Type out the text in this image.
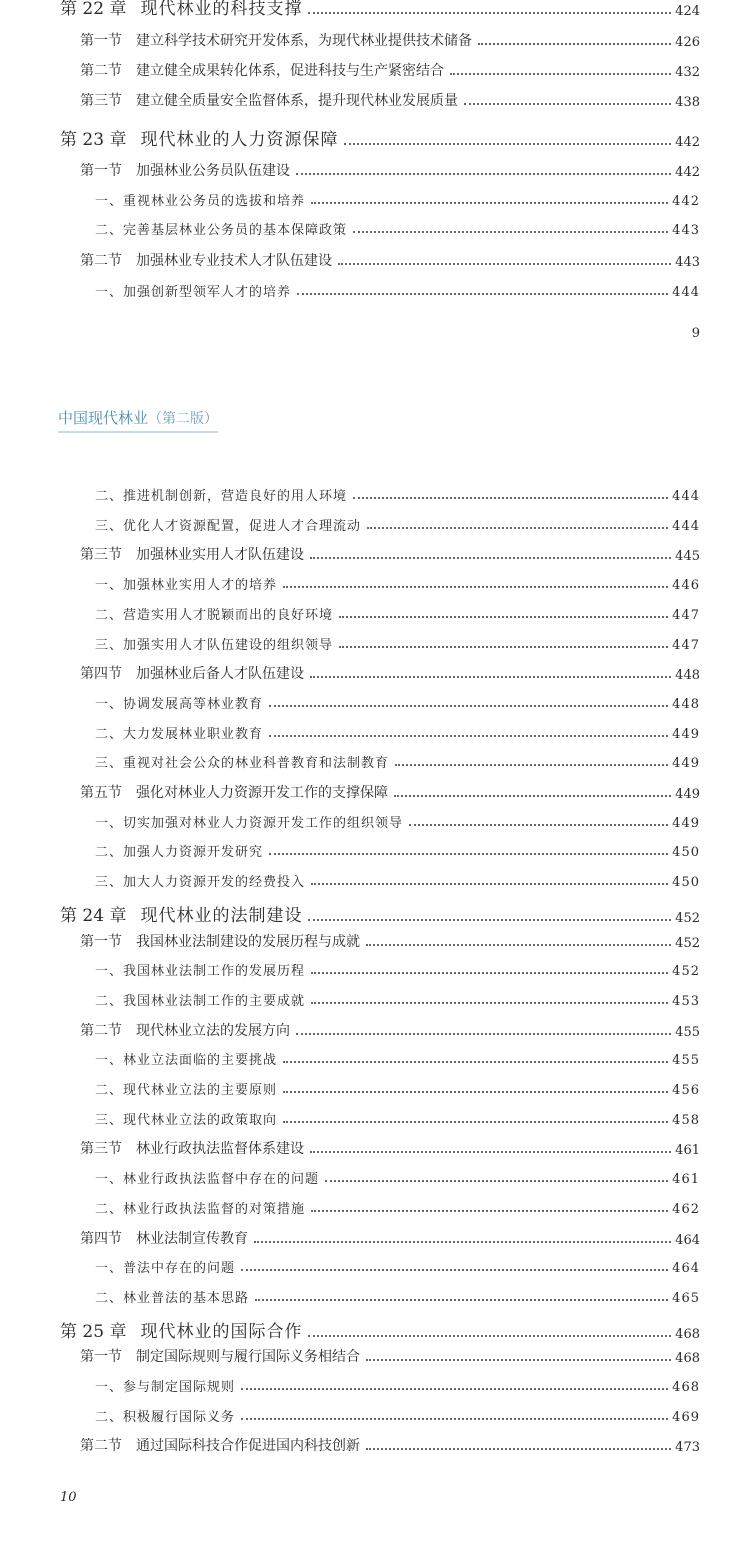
第 22 章 现代林业的科技支撑	424
第一节 建立科学技术研究开发体系，为现代林业提供技术储备	426
第二节 建立健全成果转化体系，促进科技与生产紧密结合	432
第三节 建立健全质量安全监督体系，提升现代林业发展质量	438
第 23 章 现代林业的人力资源保障	442
第一节 加强林业公务员队伍建设	442
一、重视林业公务员的选拔和培养	442
二、完善基层林业公务员的基本保障政策	443
第二节 加强林业专业技术人才队伍建设	443
一、加强创新型领军人才的培养	444
9
中国现代林业（第二版）
二、推进机制创新，营造良好的用人环境	444
三、优化人才资源配置，促进人才合理流动	444
第三节 加强林业实用人才队伍建设	445
一、加强林业实用人才的培养	446
二、营造实用人才脱颖而出的良好环境	447
三、加强实用人才队伍建设的组织领导	447
第四节 加强林业后备人才队伍建设	448
一、协调发展高等林业教育	448
二、大力发展林业职业教育	449
三、重视对社会公众的林业科普教育和法制教育	449
第五节 强化对林业人力资源开发工作的支撑保障	449
一、切实加强对林业人力资源开发工作的组织领导	449
二、加强人力资源开发研究	450
三、加大人力资源开发的经费投入	450
第 24 章 现代林业的法制建设	452
第一节 我国林业法制建设的发展历程与成就	452
一、我国林业法制工作的发展历程	452
二、我国林业法制工作的主要成就	453
第二节 现代林业立法的发展方向	455
一、林业立法面临的主要挑战	455
二、现代林业立法的主要原则	456
三、现代林业立法的政策取向	458
第三节 林业行政执法监督体系建设	461
一、林业行政执法监督中存在的问题	461
二、林业行政执法监督的对策措施	462
第四节 林业法制宣传教育	464
一、普法中存在的问题	464
二、林业普法的基本思路	465
第 25 章 现代林业的国际合作	468
第一节 制定国际规则与履行国际义务相结合	468
一、参与制定国际规则	468
二、积极履行国际义务	469
第二节 通过国际科技合作促进国内科技创新	473
10
